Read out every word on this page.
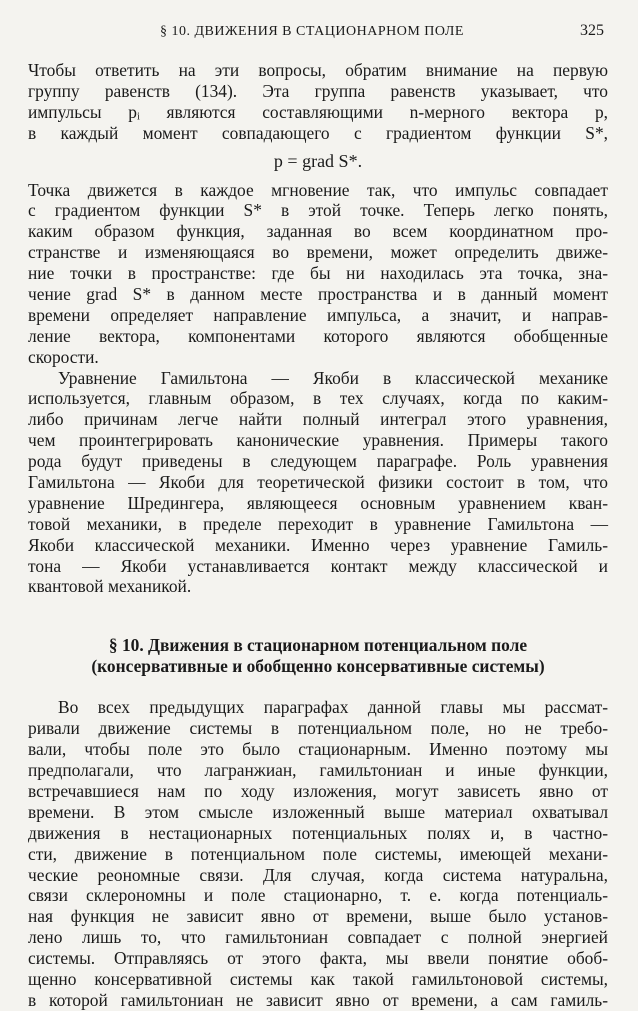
§ 10. ДВИЖЕНИЯ В СТАЦИОНАРНОМ ПОЛЕ	325
Чтобы ответить на эти вопросы, обратим внимание на первую
группу равенств (134). Эта группа равенств указывает, что
импульсы pᵢ являются составляющими n-мерного вектора p,
в каждый момент совпадающего с градиентом функции S*,
p = grad S*.
Точка движется в каждое мгновение так, что импульс совпадает
с градиентом функции S* в этой точке. Теперь легко понять,
каким образом функция, заданная во всем координатном про-
странстве и изменяющаяся во времени, может определить движе-
ние точки в пространстве: где бы ни находилась эта точка, зна-
чение grad S* в данном месте пространства и в данный момент
времени определяет направление импульса, а значит, и направ-
ление вектора, компонентами которого являются обобщенные
скорости.
Уравнение Гамильтона — Якоби в классической механике
используется, главным образом, в тех случаях, когда по каким-
либо причинам легче найти полный интеграл этого уравнения,
чем проинтегрировать канонические уравнения. Примеры такого
рода будут приведены в следующем параграфе. Роль уравнения
Гамильтона — Якоби для теоретической физики состоит в том, что
уравнение Шредингера, являющееся основным уравнением кван-
товой механики, в пределе переходит в уравнение Гамильтона —
Якоби классической механики. Именно через уравнение Гамиль-
тона — Якоби устанавливается контакт между классической и
квантовой механикой.
§ 10. Движения в стационарном потенциальном поле
(консервативные и обобщенно консервативные системы)
Во всех предыдущих параграфах данной главы мы рассмат-
ривали движение системы в потенциальном поле, но не требо-
вали, чтобы поле это было стационарным. Именно поэтому мы
предполагали, что лагранжиан, гамильтониан и иные функции,
встречавшиеся нам по ходу изложения, могут зависеть явно от
времени. В этом смысле изложенный выше материал охватывал
движения в нестационарных потенциальных полях и, в частно-
сти, движение в потенциальном поле системы, имеющей механи-
ческие реономные связи. Для случая, когда система натуральна,
связи склерономны и поле стационарно, т. е. когда потенциаль-
ная функция не зависит явно от времени, выше было установ-
лено лишь то, что гамильтониан совпадает с полной энергией
системы. Отправляясь от этого факта, мы ввели понятие обоб-
щенно консервативной системы как такой гамильтоновой системы,
в которой гамильтониан не зависит явно от времени, а сам гамиль-
